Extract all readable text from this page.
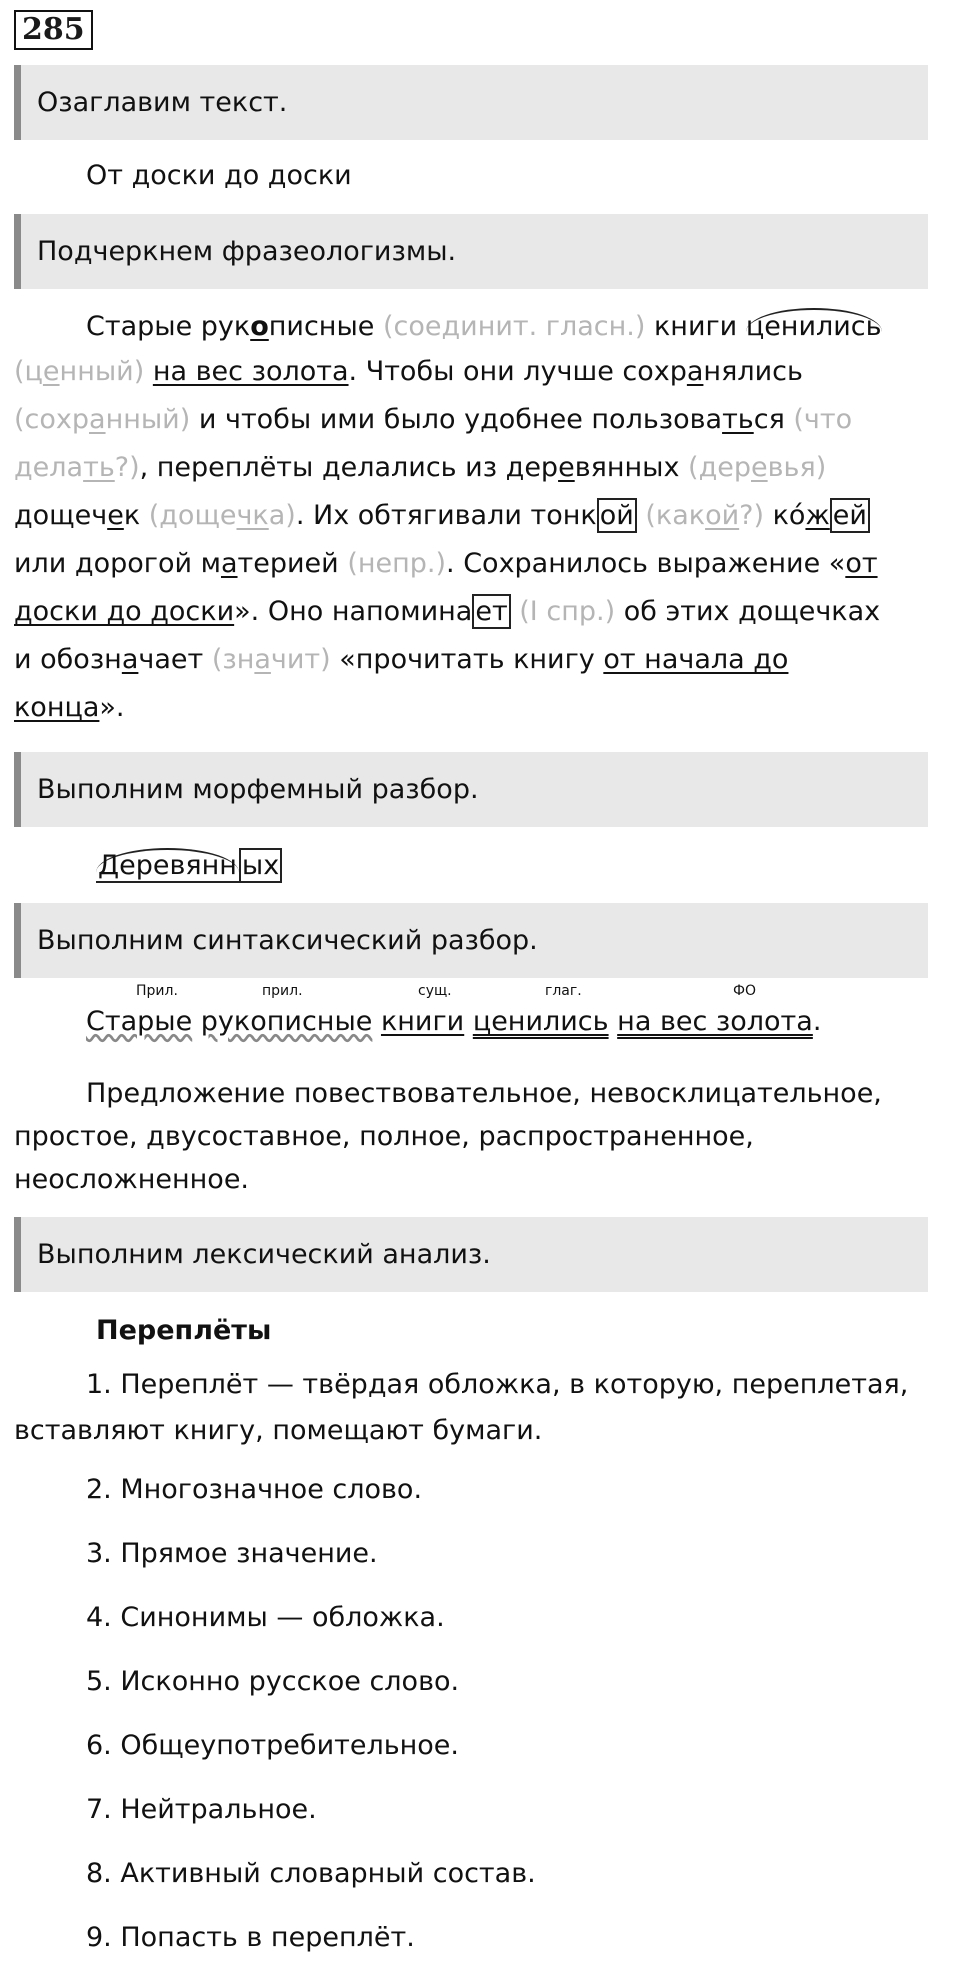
285
Озаглавим текст.
От доски до доски
Подчеркнем фразеологизмы.
Старые рукописные (соединит. гласн.) книги ценились
(ценный) на вес золота. Чтобы они лучше сохранялись
(сохранный) и чтобы ими было удобнее пользоваться (что
делать?), переплёты делались из деревянных (деревья)
дощечек (дощечка). Их обтягивали тонк ой (какой?) ко́ж ей
или дорогой материей (непр.). Сохранилось выражение «от
доски до доски». Оно напомина ет (I спр.) об этих дощечках
и обозначает (значит) «прочитать книгу от начала до
конца».
Выполним морфемный разбор.
Деревянн ых
Выполним синтаксический разбор.
Прил.	прил.	сущ.	глаг.	ФО
Старые рукописные книги ценились на вес золота.
Предложение повествовательное, невосклицательное, простое, двусоставное, полное, распространенное, неосложненное.
Выполним лексический анализ.
Переплёты
1. Переплёт — твёрдая обложка, в которую, переплетая, вставляют книгу, помещают бумаги.
2. Многозначное слово.
3. Прямое значение.
4. Синонимы — обложка.
5. Исконно русское слово.
6. Общеупотребительное.
7. Нейтральное.
8. Активный словарный состав.
9. Попасть в переплёт.
